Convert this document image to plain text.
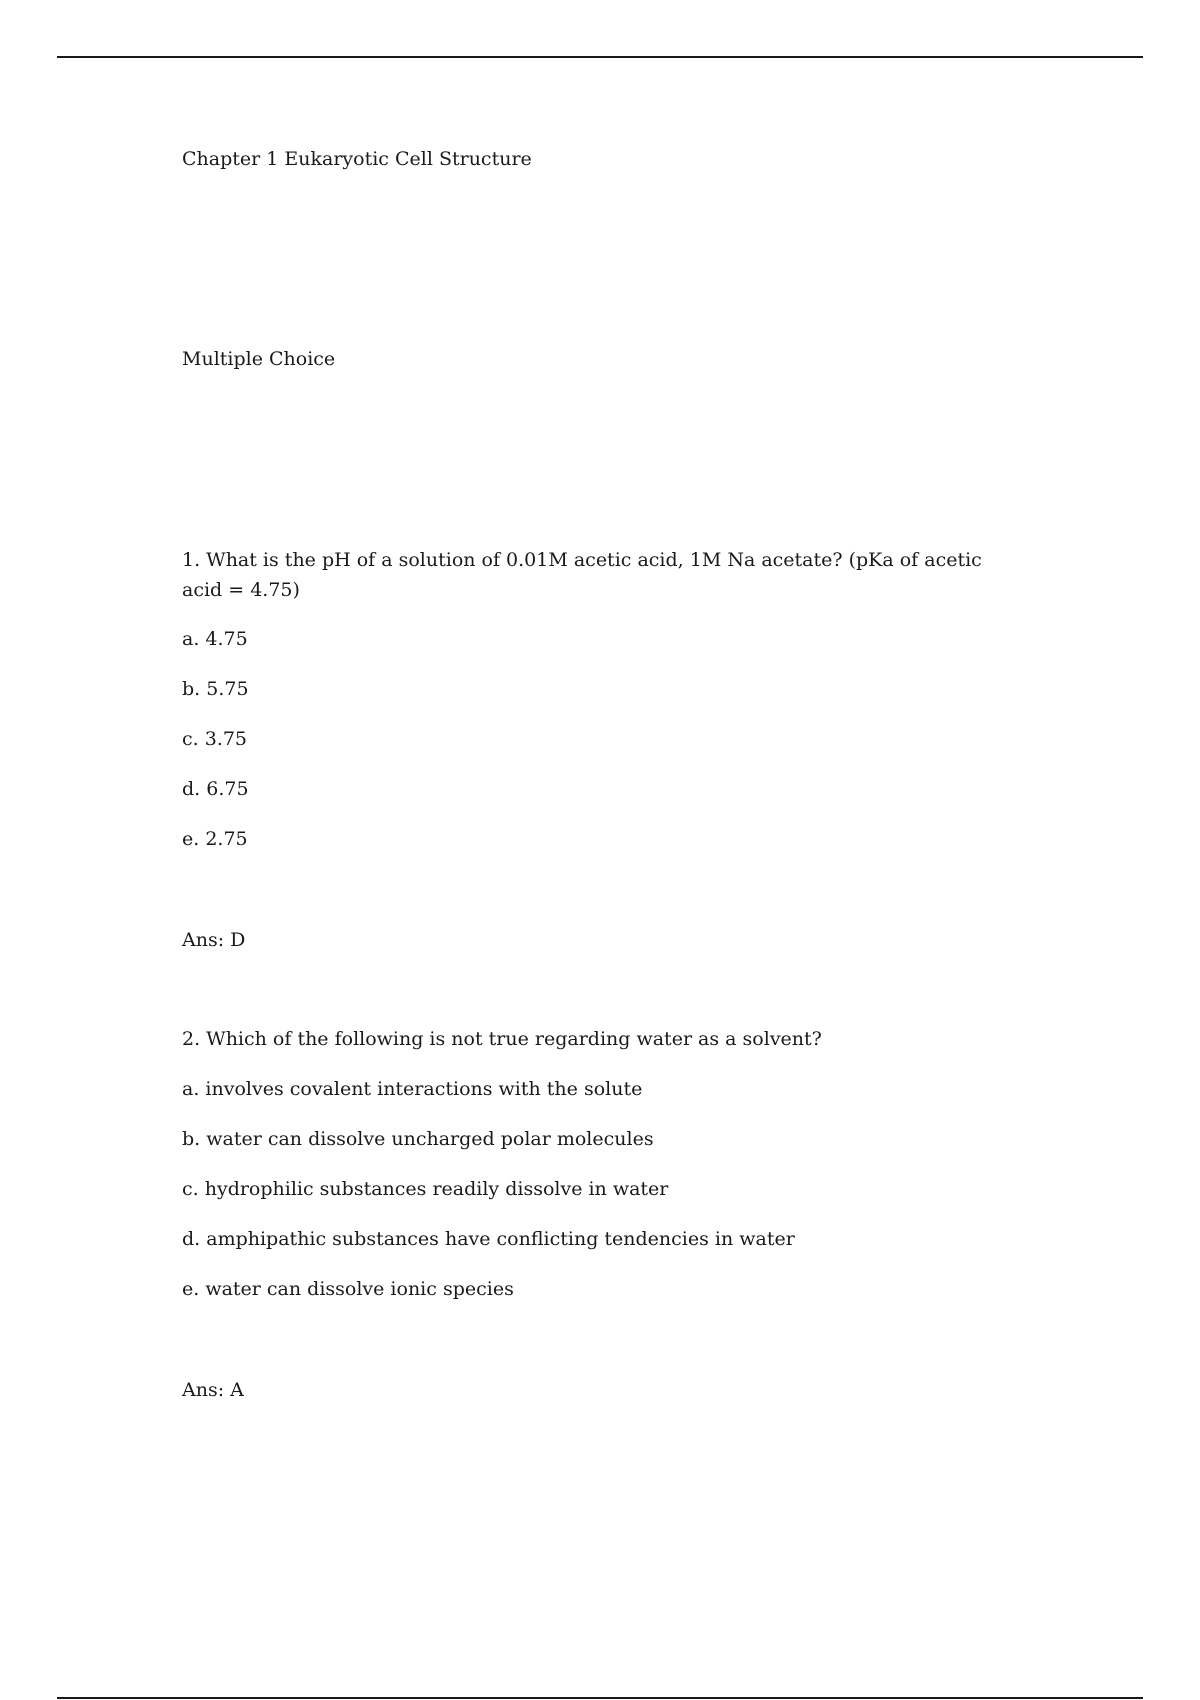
Chapter 1 Eukaryotic Cell Structure
Multiple Choice
1. What is the pH of a solution of 0.01M acetic acid, 1M Na acetate? (pKa of acetic acid = 4.75)
a. 4.75
b. 5.75
c. 3.75
d. 6.75
e. 2.75
Ans: D
2. Which of the following is not true regarding water as a solvent?
a. involves covalent interactions with the solute
b. water can dissolve uncharged polar molecules
c. hydrophilic substances readily dissolve in water
d. amphipathic substances have conflicting tendencies in water
e. water can dissolve ionic species
Ans: A
